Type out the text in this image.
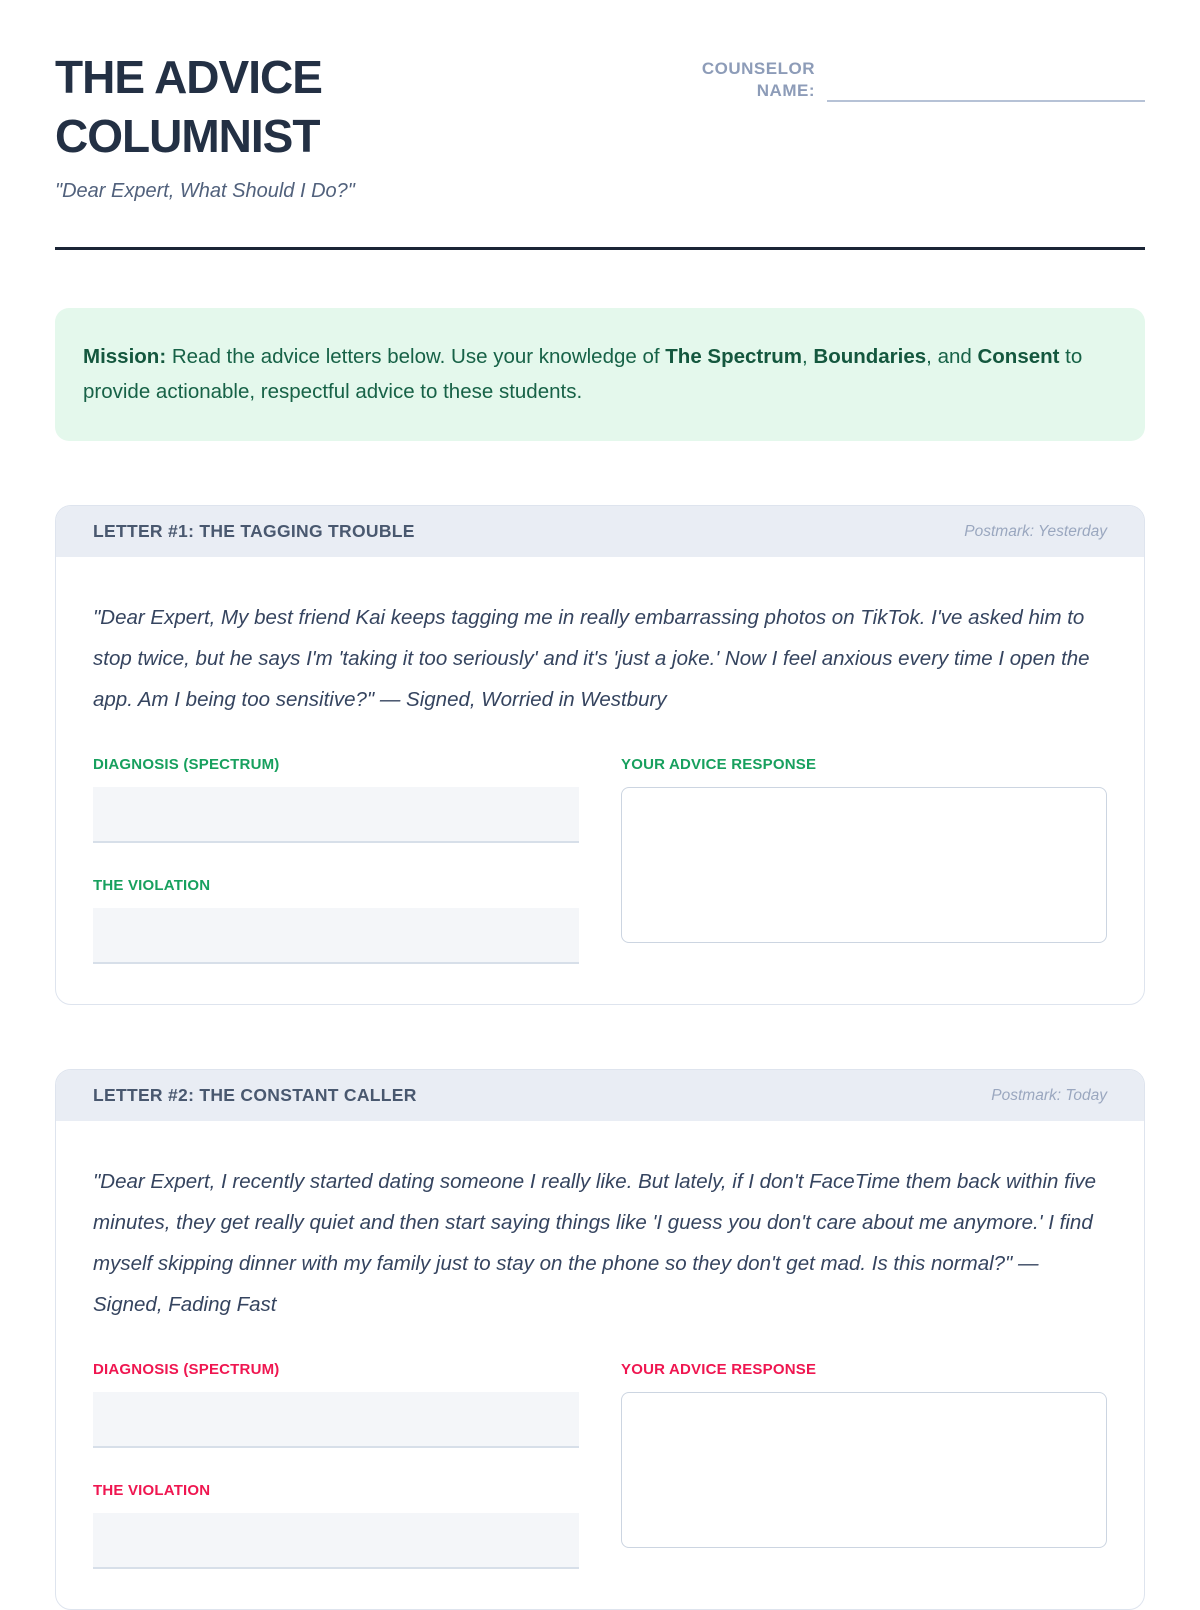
THE ADVICE
COLUMNIST
"Dear Expert, What Should I Do?"
COUNSELOR NAME:
Mission: Read the advice letters below. Use your knowledge of The Spectrum, Boundaries, and Consent to provide actionable, respectful advice to these students.
LETTER #1: THE TAGGING TROUBLE	Postmark: Yesterday

"Dear Expert, My best friend Kai keeps tagging me in really embarrassing photos on TikTok. I've asked him to stop twice, but he says I'm 'taking it too seriously' and it's 'just a joke.' Now I feel anxious every time I open the app. Am I being too sensitive?" — Signed, Worried in Westbury

DIAGNOSIS (SPECTRUM)
THE VIOLATION
YOUR ADVICE RESPONSE
LETTER #2: THE CONSTANT CALLER	Postmark: Today

"Dear Expert, I recently started dating someone I really like. But lately, if I don't FaceTime them back within five minutes, they get really quiet and then start saying things like 'I guess you don't care about me anymore.' I find myself skipping dinner with my family just to stay on the phone so they don't get mad. Is this normal?" — Signed, Fading Fast

DIAGNOSIS (SPECTRUM)
THE VIOLATION
YOUR ADVICE RESPONSE
